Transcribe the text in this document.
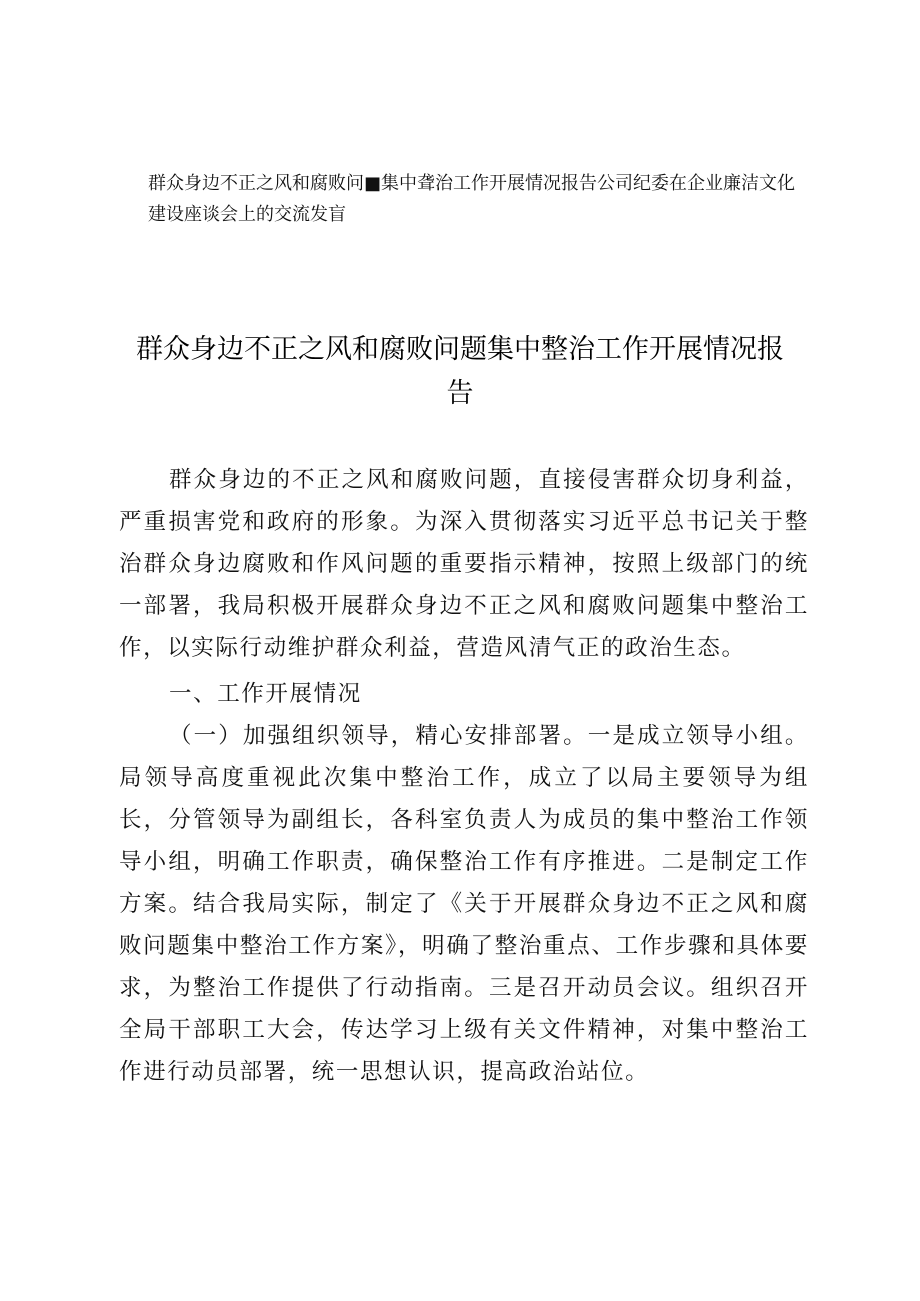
群众身边不正之风和腐败问■集中聋治工作开展情况报告公司纪委在企业廉洁文化建设座谈会上的交流发盲
群众身边不正之风和腐败问题集中整治工作开展情况报告

群众身边的不正之风和腐败问题，直接侵害群众切身利益，严重损害党和政府的形象。为深入贯彻落实习近平总书记关于整治群众身边腐败和作风问题的重要指示精神，按照上级部门的统一部署，我局积极开展群众身边不正之风和腐败问题集中整治工作，以实际行动维护群众利益，营造风清气正的政治生态。

一、工作开展情况

（一）加强组织领导，精心安排部署。一是成立领导小组。局领导高度重视此次集中整治工作，成立了以局主要领导为组长，分管领导为副组长，各科室负责人为成员的集中整治工作领导小组，明确工作职责，确保整治工作有序推进。二是制定工作方案。结合我局实际，制定了《关于开展群众身边不正之风和腐败问题集中整治工作方案》，明确了整治重点、工作步骤和具体要求，为整治工作提供了行动指南。三是召开动员会议。组织召开全局干部职工大会，传达学习上级有关文件精神，对集中整治工作进行动员部署，统一思想认识，提高政治站位。
